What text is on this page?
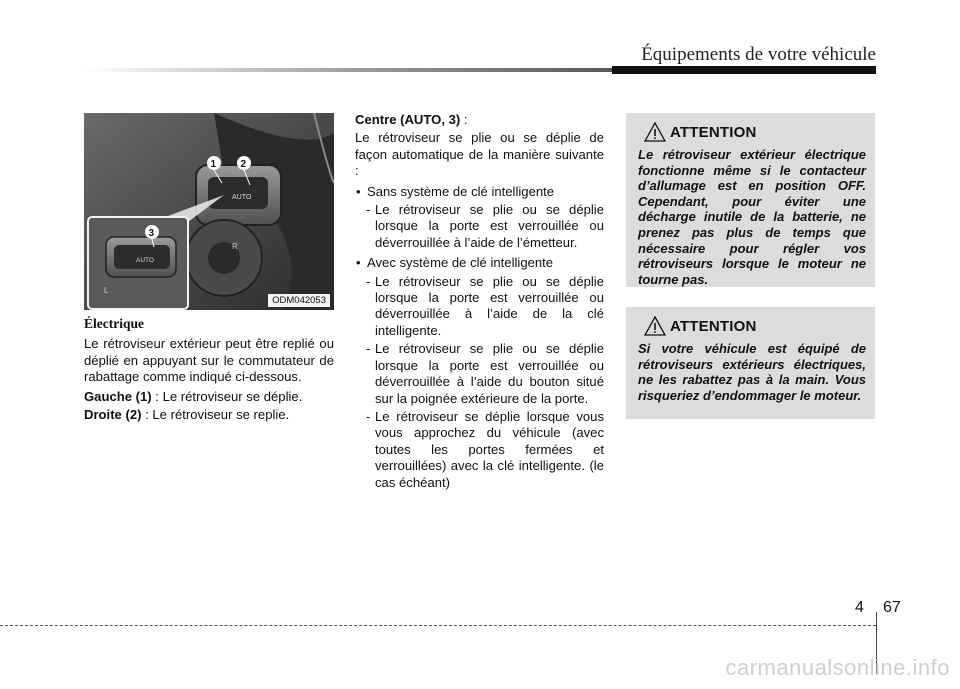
Équipements de votre véhicule
AUTO
R
AUTO
L
1 2
3
ODM042053

Électrique

Le rétroviseur extérieur peut être replié ou déplié en appuyant sur le commutateur de rabattage comme indiqué ci-dessous.

Gauche (1) : Le rétroviseur se déplie.

Droite (2) : Le rétroviseur se replie.

Centre (AUTO, 3) :

Le rétroviseur se plie ou se déplie de façon automatique de la manière suivante :

• Sans système de clé intelligente
- Le rétroviseur se plie ou se déplie lorsque la porte est verrouillée ou déverrouillée à l’aide de l’émetteur.
• Avec système de clé intelligente
- Le rétroviseur se plie ou se déplie lorsque la porte est verrouillée ou déverrouillée à l’aide de la clé intelligente.
- Le rétroviseur se plie ou se déplie lorsque la porte est verrouillée ou déverrouillée à l’aide du bouton situé sur la poignée extérieure de la porte.
- Le rétroviseur se déplie lorsque vous vous approchez du véhicule (avec toutes les portes fermées et verrouillées) avec la clé intelligente. (le cas échéant)
ATTENTION
Le rétroviseur extérieur électrique fonctionne même si le contacteur d’allumage est en position OFF. Cependant, pour éviter une décharge inutile de la batterie, ne prenez pas plus de temps que nécessaire pour régler vos rétroviseurs lorsque le moteur ne tourne pas.
ATTENTION
Si votre véhicule est équipé de rétroviseurs extérieurs électriques, ne les rabattez pas à la main. Vous risqueriez d’endommager le moteur.
4 67
carmanualsonline.info
